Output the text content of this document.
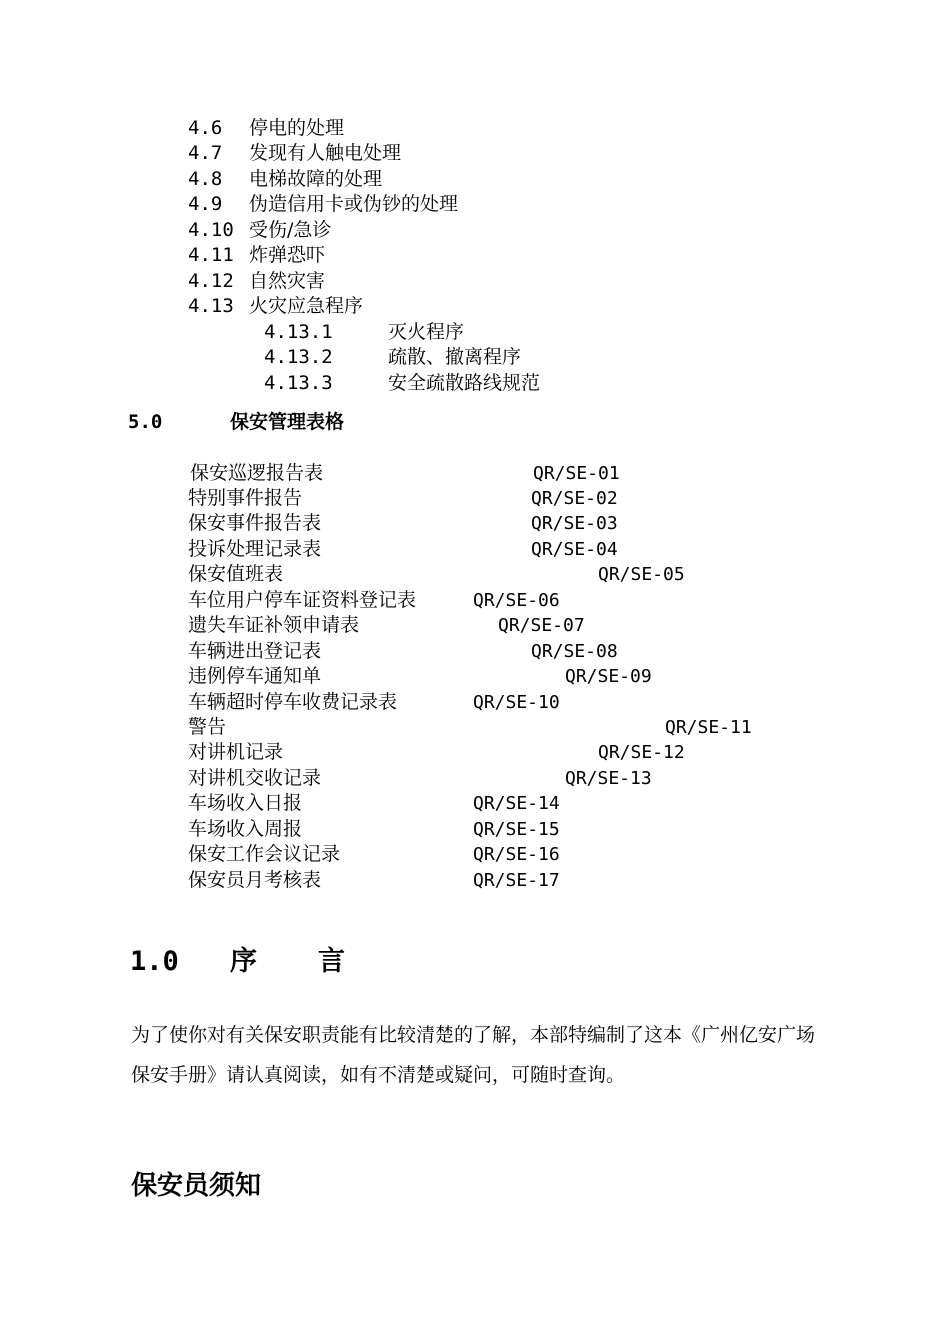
4.6 停电的处理
4.7 发现有人触电处理
4.8 电梯故障的处理
4.9 伪造信用卡或伪钞的处理
4.10 受伤/急诊
4.11 炸弹恐吓
4.12 自然灾害
4.13 火灾应急程序
4.13.1	灭火程序
4.13.2	疏散、撤离程序
4.13.3	安全疏散路线规范
5.0	保安管理表格
保安巡逻报告表	QR/SE-01
特别事件报告	QR/SE-02
保安事件报告表	QR/SE-03
投诉处理记录表	QR/SE-04
保安值班表	QR/SE-05
车位用户停车证资料登记表	QR/SE-06
遗失车证补领申请表	QR/SE-07
车辆进出登记表	QR/SE-08
违例停车通知单	QR/SE-09
车辆超时停车收费记录表	QR/SE-10
警告	QR/SE-11
对讲机记录	QR/SE-12
对讲机交收记录	QR/SE-13
车场收入日报	QR/SE-14
车场收入周报	QR/SE-15
保安工作会议记录	QR/SE-16
保安员月考核表	QR/SE-17
1.0 序 言
为了使你对有关保安职责能有比较清楚的了解，本部特编制了这本《广州亿安广场保安手册》请认真阅读，如有不清楚或疑问，可随时查询。
保安员须知
